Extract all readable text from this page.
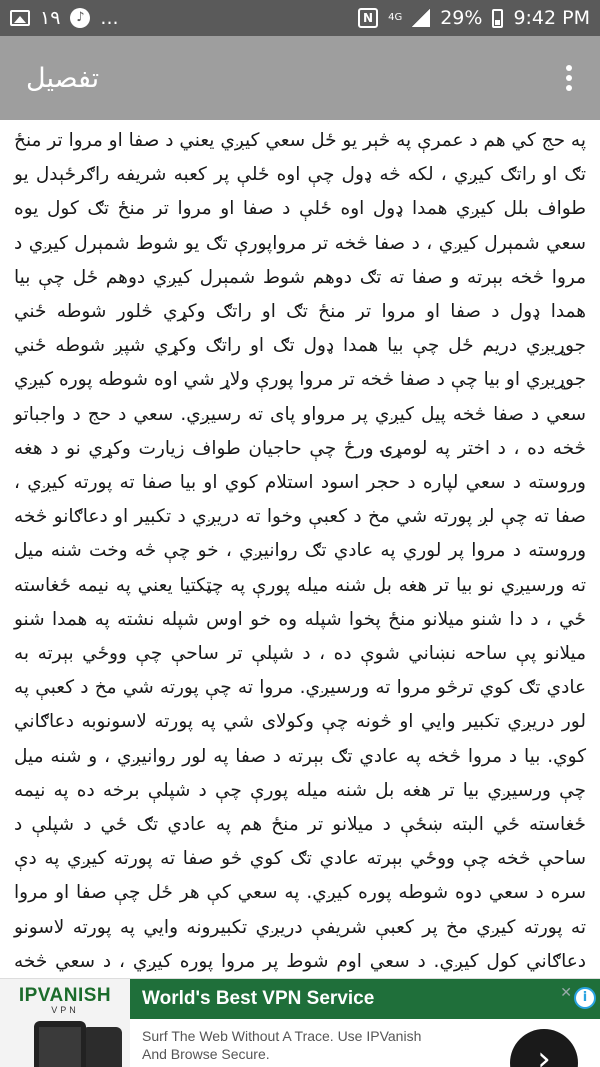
۱۹	♪ ...	N	4G 29% 9:42 PM
تفصیل

په حج کي هم د عمرې په څېر يو ځل سعي کيږي يعني د صفا او مروا تر منځ تګ او راتګ کيږي ، لکه څه ډول چې اوه ځلې پر کعبه شريفه راګرځېدل يو طواف بلل کيږي همدا ډول اوه ځلې د صفا او مروا تر منځ تګ کول يوه سعي شمېرل کيږي ، د صفا څخه تر مرواپورې تګ يو شوط شمېرل کيږي د مروا څخه بېرته و صفا ته تګ دوهم شوط شمېرل کيږي دوهم ځل چې بيا همدا ډول د صفا او مروا تر منځ تګ او راتګ وکړي څلور شوطه ځني جوړيږي دريم ځل چې بيا همدا ډول تګ او راتګ وکړي شپږ شوطه ځني جوړيږي او بيا چې د صفا څخه تر مروا پورې ولاړ شي اوه شوطه پوره کيږي سعي د صفا څخه پيل کيږي پر مرواو پای ته رسيږي. سعي د حج د واجباتو څخه ده ، د اختر په لومړۍ ورځ چې حاجيان طواف زيارت وکړي نو د هغه وروسته د سعي لپاره د حجر اسود استلام کوي او بيا صفا ته پورته کيږي ، صفا ته چې لږ پورته شي مخ د کعبې وخوا ته دريږي د تکبير او دعاګانو څخه وروسته د مروا پر لوري په عادي تګ روانيږي ، خو چې څه وخت شنه ميل ته ورسيږي نو بيا تر هغه بل شنه ميله پورې په چټکتيا يعني په نيمه ځغاسته ځي ، د دا شنو ميلانو منځ پخوا شپله وه خو اوس شپله نشته په همدا شنو ميلانو پې ساحه نښاني شوې ده ، د شپلې تر ساحې چې ووځي بېرته به عادي تګ کوي ترڅو مروا ته ورسيږي. مروا ته چې پورته شي مخ د کعبې په لور دريږي تکبير وايي او څونه چې وکولای شي په پورته لاسونوبه دعاګاني کوي. بيا د مروا څخه په عادي تګ بېرته د صفا په لور روانيږي ، و شنه ميل چې ورسيږي بيا تر هغه بل شنه ميله پورې چې د شپلې برخه ده په نيمه ځغاسته ځي البته ښځې د ميلانو تر منځ هم په عادي تګ ځي د شپلې د ساحې څخه چې ووځي بېرته عادي تګ کوي څو صفا ته پورته کيږي په دې سره د سعي دوه شوطه پوره کيږي. په سعي کې هر ځل چې صفا او مروا ته پورته کيږي مخ پر کعبې شريفې دريږي تکبيرونه وايي په پورته لاسونو دعاګاني کول کيږي. د سعي اوم شوط پر مروا پوره کيږي ، د سعي څخه

IPVANISH
VPN
World's Best VPN Service	✕ i
Surf The Web Without A Trace. Use IPVanish And Browse Secure.	›
